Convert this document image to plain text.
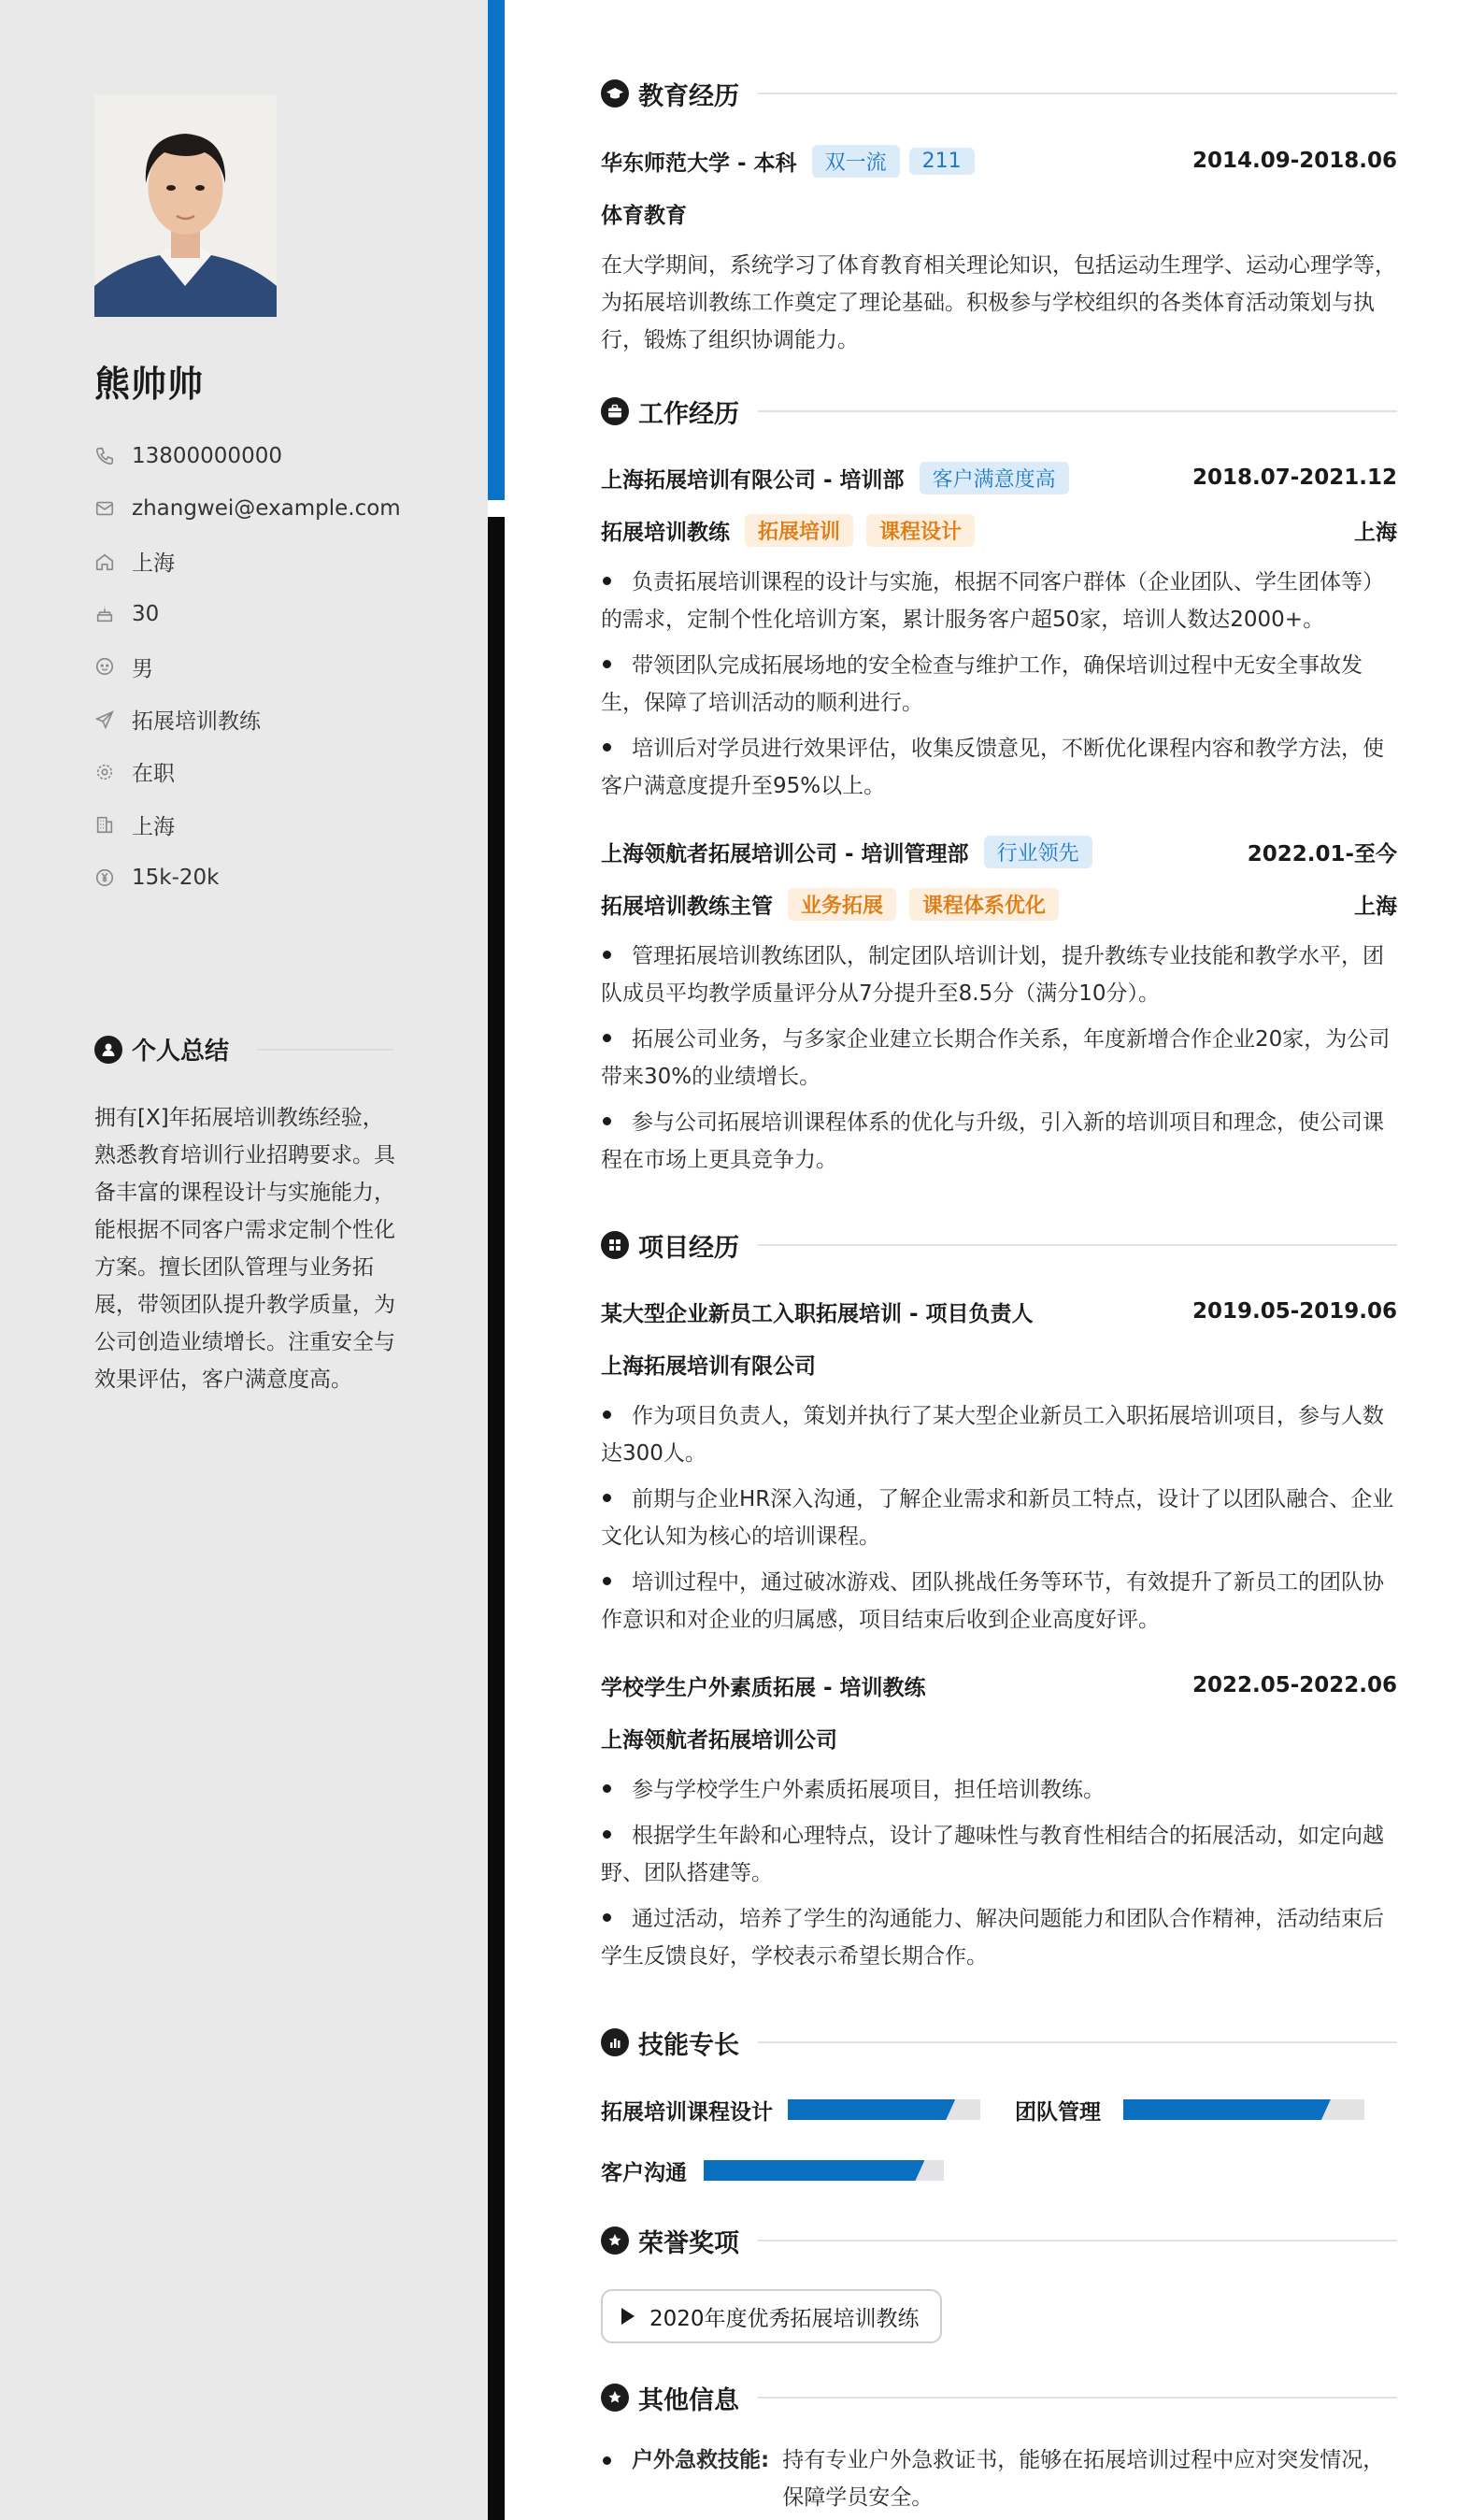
熊帅帅
13800000000
zhangwei@example.com
上海
30
男
拓展培训教练
在职
上海
15k-20k
个人总结
拥有[X]年拓展培训教练经验，熟悉教育培训行业招聘要求。具备丰富的课程设计与实施能力，能根据不同客户需求定制个性化方案。擅长团队管理与业务拓展，带领团队提升教学质量，为公司创造业绩增长。注重安全与效果评估，客户满意度高。
教育经历
华东师范大学 - 本科	双一流	211	2014.09-2018.06
体育教育
在大学期间，系统学习了体育教育相关理论知识，包括运动生理学、运动心理学等，为拓展培训教练工作奠定了理论基础。积极参与学校组织的各类体育活动策划与执行，锻炼了组织协调能力。
工作经历
上海拓展培训有限公司 - 培训部	客户满意度高	2018.07-2021.12
拓展培训教练	拓展培训	课程设计	上海
负责拓展培训课程的设计与实施，根据不同客户群体（企业团队、学生团体等）的需求，定制个性化培训方案，累计服务客户超50家，培训人数达2000+。
带领团队完成拓展场地的安全检查与维护工作，确保培训过程中无安全事故发生，保障了培训活动的顺利进行。
培训后对学员进行效果评估，收集反馈意见，不断优化课程内容和教学方法，使客户满意度提升至95%以上。
上海领航者拓展培训公司 - 培训管理部	行业领先	2022.01-至今
拓展培训教练主管	业务拓展	课程体系优化	上海
管理拓展培训教练团队，制定团队培训计划，提升教练专业技能和教学水平，团队成员平均教学质量评分从7分提升至8.5分（满分10分）。
拓展公司业务，与多家企业建立长期合作关系，年度新增合作企业20家，为公司带来30%的业绩增长。
参与公司拓展培训课程体系的优化与升级，引入新的培训项目和理念，使公司课程在市场上更具竞争力。
项目经历
某大型企业新员工入职拓展培训 - 项目负责人	2019.05-2019.06
上海拓展培训有限公司
作为项目负责人，策划并执行了某大型企业新员工入职拓展培训项目，参与人数达300人。
前期与企业HR深入沟通，了解企业需求和新员工特点，设计了以团队融合、企业文化认知为核心的培训课程。
培训过程中，通过破冰游戏、团队挑战任务等环节，有效提升了新员工的团队协作意识和对企业的归属感，项目结束后收到企业高度好评。
学校学生户外素质拓展 - 培训教练	2022.05-2022.06
上海领航者拓展培训公司
参与学校学生户外素质拓展项目，担任培训教练。
根据学生年龄和心理特点，设计了趣味性与教育性相结合的拓展活动，如定向越野、团队搭建等。
通过活动，培养了学生的沟通能力、解决问题能力和团队合作精神，活动结束后学生反馈良好，学校表示希望长期合作。
技能专长
拓展培训课程设计	团队管理
客户沟通
荣誉奖项
2020年度优秀拓展培训教练
其他信息
户外急救技能: 持有专业户外急救证书，能够在拓展培训过程中应对突发情况，保障学员安全。
